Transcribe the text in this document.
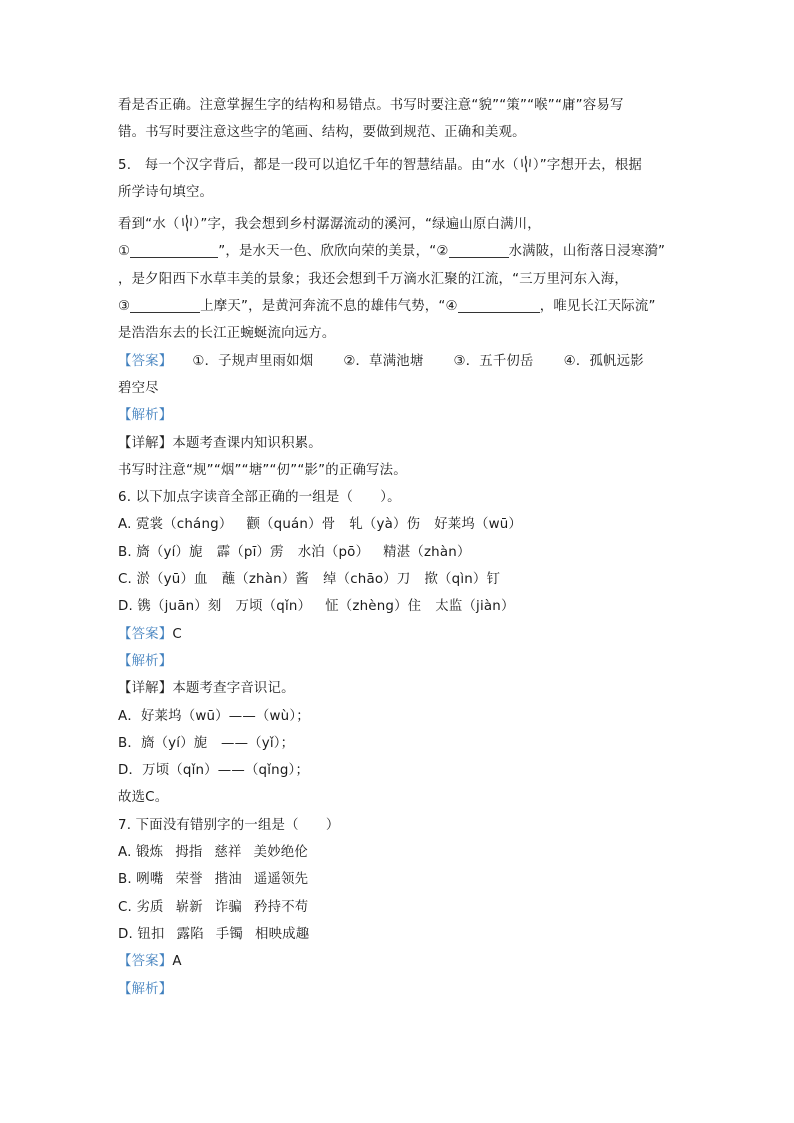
看是否正确。注意掌握生字的结构和易错点。书写时要注意“貌”“策”“喉”“庸”容易写
错。书写时要注意这些字的笔画、结构，要做到规范、正确和美观。
5.　每一个汉字背后，都是一段可以追忆千年的智慧结晶。由“水（ ）”字想开去，根据
所学诗句填空。
看到“水（ ）”字，我会想到乡村潺潺流动的溪河，“绿遍山原白满川，
①	”，是水天一色、欣欣向荣的美景，“②	水满陂，山衔落日浸寒漪”
，是夕阳西下水草丰美的景象；我还会想到千万滴水汇聚的江流，“三万里河东入海，
③	上摩天”，是黄河奔流不息的雄伟气势，“④	，唯见长江天际流”
是浩浩东去的长江正蜿蜒流向远方。
【答案】 ①．子规声里雨如烟 ②．草满池塘 ③．五千仞岳 ④．孤帆远影
碧空尽
【解析】
【详解】本题考查课内知识积累。
书写时注意“规”“烟”“塘”“仞”“影”的正确写法。
6. 以下加点字读音全部正确的一组是（　　）。
A. 霓裳（cháng） 颧（quán）骨 轧（yà）伤 好莱坞（wū）
B. 旖（yí）旎 霹（pī）雳 水泊（pō） 精湛（zhàn）
C. 淤（yū）血 蘸（zhàn）酱 绰（chāo）刀 揿（qìn）钉
D. 镌（juān）刻 万顷（qǐn） 怔（zhèng）住 太监（jiàn）
【答案】C
【解析】
【详解】本题考查字音识记。
A．好莱坞（wū）——（wù）；
B．旖（yí）旎　——（yǐ）；
D．万顷（qǐn）——（qǐng）；
故选C。
7. 下面没有错别字的一组是（　　）
A. 锻炼 拇指 慈祥 美妙绝伦
B. 咧嘴 荣誉 揩油 遥遥领先
C. 劣质 崭新 诈骗 矜持不苟
D. 钮扣 露陷 手镯 相映成趣
【答案】A
【解析】
